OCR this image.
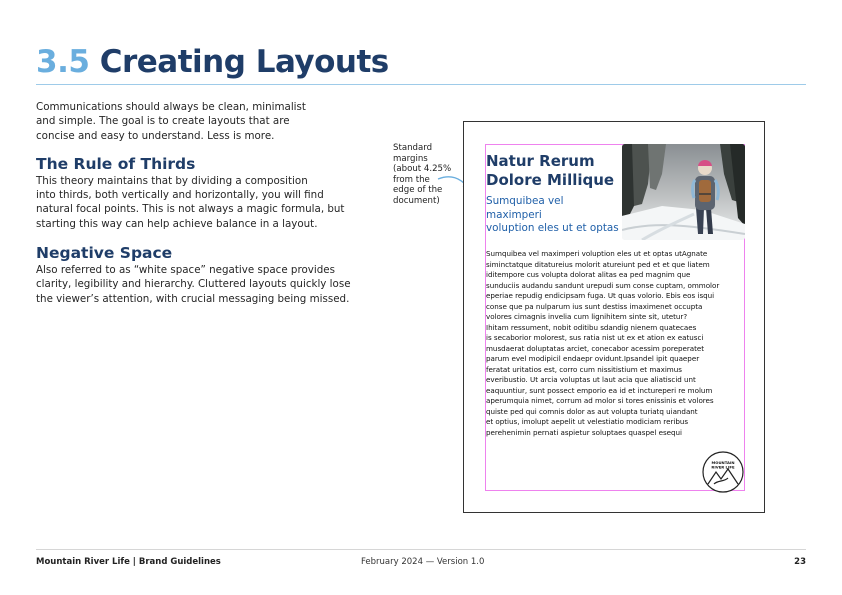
3.5 Creating Layouts

Communications should always be clean, minimalist
and simple. The goal is to create layouts that are
concise and easy to understand. Less is more.

The Rule of Thirds

This theory maintains that by dividing a composition
into thirds, both vertically and horizontally, you will find
natural focal points. This is not always a magic formula, but
starting this way can help achieve balance in a layout.

Negative Space

Also referred to as “white space” negative space provides
clarity, legibility and hierarchy. Cluttered layouts quickly lose
the viewer’s attention, with crucial messaging being missed.

Standard
margins
(about 4.25%
from the
edge of the
document)
Natur Rerum
Dolore Millique
Sumquibea vel maximperi
voluption eles ut et optas
Sumquibea vel maximperi voluption eles ut et optas utAgnate
siminctatque ditatureius molorit atureiunt ped et et que liatem
iditempore cus volupta dolorat alitas ea ped magnim que
sunduciis audandu sandunt urepudi sum conse cuptam, ommolor
eperiae repudig endicipsam fuga. Ut quas volorio. Ebis eos isqui
conse que pa nulparum ius sunt destiss imaximenet occupta
volores cimagnis invelia cum lignihitem sinte sit, utetur?
Ihitam ressument, nobit oditibu sdandig nienem quatecaes
is secaborior molorest, sus ratia nist ut ex et ation ex eatusci
musdaerat doluptatas arciet, conecabor acessim poreperatet
parum evel modipicil endaepr ovidunt.Ipsandel ipit quaeper
feratat uritatios est, corro cum nissitistium et maximus
everibustio. Ut arcia voluptas ut laut acia que aliatiscid unt
eaquuntiur, sunt possect emporio ea id et inctureperi re molum
aperumquia nimet, corrum ad molor si tores enissinis et volores
quiste ped qui comnis dolor as aut volupta turiatq uiandant
et optius, imolupt aepelit ut velestiatio modiciam reribus
perehenimin pernati aspietur soluptaes quaspel esequi
MOUNTAIN
RIVER LIFE
Mountain River Life | Brand Guidelines	February 2024 — Version 1.0	23
